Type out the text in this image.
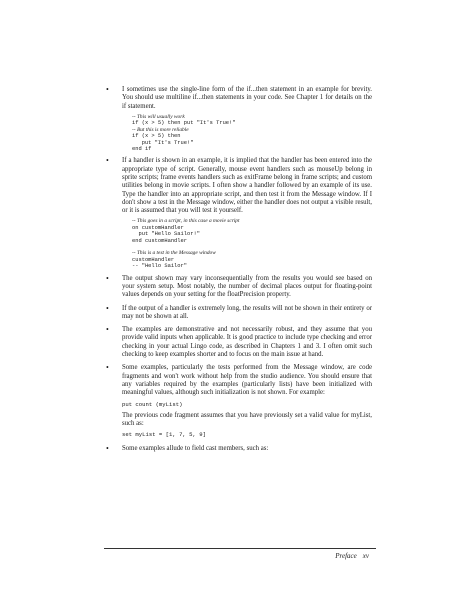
• I sometimes use the single-line form of the if...then statement in an example for brevity. You should use multiline if...then statements in your code. See Chapter 1 for details on the if statement.

-- This will usually work
if (x > 5) then put "It's True!"
-- But this is more reliable
if (x > 5) then
put "It's True!"
end if
• If a handler is shown in an example, it is implied that the handler has been entered into the appropriate type of script. Generally, mouse event handlers such as mouseUp belong in sprite scripts; frame events handlers such as exitFrame belong in frame scripts; and custom utilities belong in movie scripts. I often show a handler followed by an example of its use. Type the handler into an appropriate script, and then test it from the Message window. If I don't show a test in the Message window, either the handler does not output a visible result, or it is assumed that you will test it yourself.

-- This goes in a script, in this case a movie script
on customHandler
put "Hello Sailor!"
end customHandler

-- This is a test in the Message window
customHandler
-- "Hello Sailor"
• The output shown may vary inconsequentially from the results you would see based on your system setup. Most notably, the number of decimal places output for floating-point values depends on your setting for the floatPrecision property.

• If the output of a handler is extremely long, the results will not be shown in their entirety or may not be shown at all.

• The examples are demonstrative and not necessarily robust, and they assume that you provide valid inputs when applicable. It is good practice to include type checking and error checking in your actual Lingo code, as described in Chapters 1 and 3. I often omit such checking to keep examples shorter and to focus on the main issue at hand.

• Some examples, particularly the tests performed from the Message window, are code fragments and won't work without help from the studio audience. You should ensure that any variables required by the examples (particularly lists) have been initialized with meaningful values, although such initialization is not shown. For example:

put count (myList)

The previous code fragment assumes that you have previously set a valid value for myList, such as:

set myList = [1, 7, 5, 9]
• Some examples allude to field cast members, such as:

Preface xv
